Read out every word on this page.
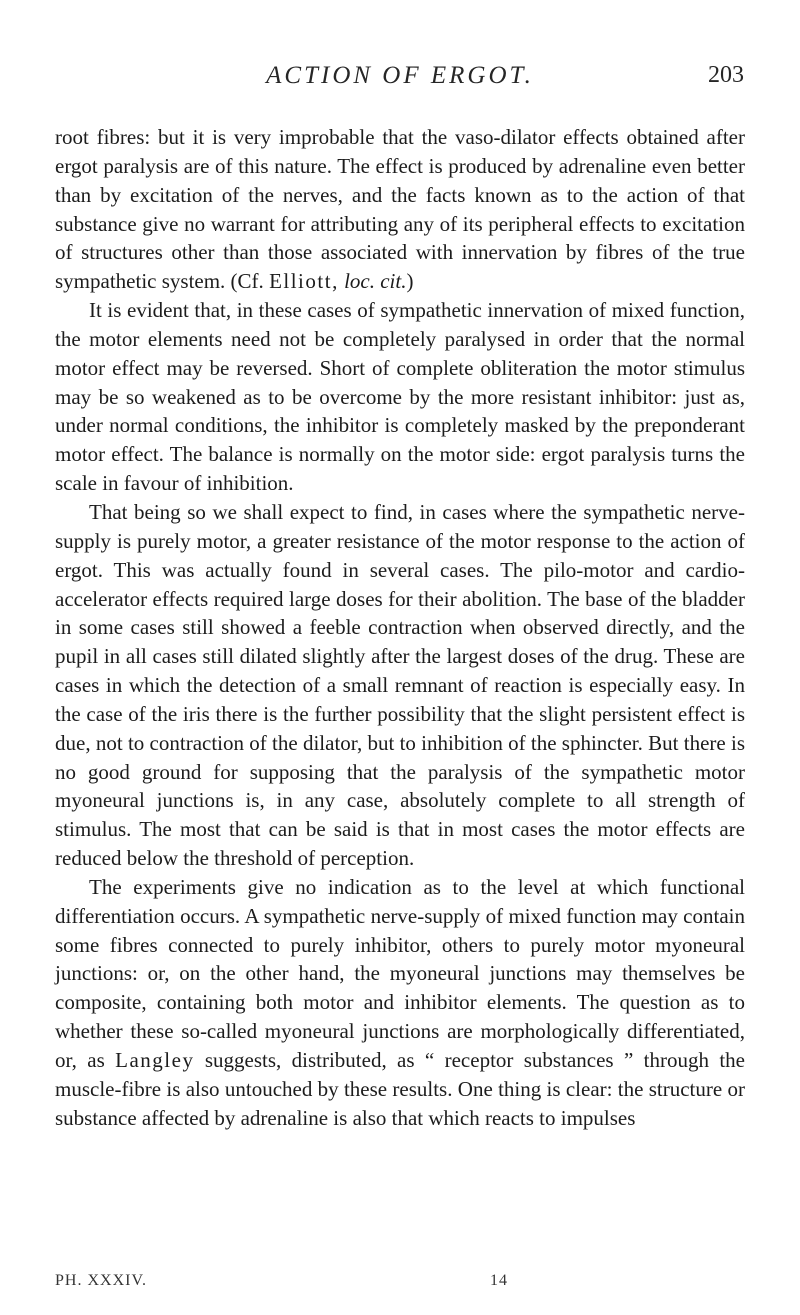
ACTION OF ERGOT.	203

root fibres: but it is very improbable that the vaso-dilator effects obtained after ergot paralysis are of this nature. The effect is produced by adrenaline even better than by excitation of the nerves, and the facts known as to the action of that substance give no warrant for attributing any of its peripheral effects to excitation of structures other than those associated with innervation by fibres of the true sympathetic system. (Cf. Elliott, loc. cit.)

It is evident that, in these cases of sympathetic innervation of mixed function, the motor elements need not be completely paralysed in order that the normal motor effect may be reversed. Short of complete obliteration the motor stimulus may be so weakened as to be overcome by the more resistant inhibitor: just as, under normal conditions, the inhibitor is completely masked by the preponderant motor effect. The balance is normally on the motor side: ergot paralysis turns the scale in favour of inhibition.

That being so we shall expect to find, in cases where the sympathetic nerve-supply is purely motor, a greater resistance of the motor response to the action of ergot. This was actually found in several cases. The pilo-motor and cardio-accelerator effects required large doses for their abolition. The base of the bladder in some cases still showed a feeble contraction when observed directly, and the pupil in all cases still dilated slightly after the largest doses of the drug. These are cases in which the detection of a small remnant of reaction is especially easy. In the case of the iris there is the further possibility that the slight persistent effect is due, not to contraction of the dilator, but to inhibition of the sphincter. But there is no good ground for supposing that the paralysis of the sympathetic motor myoneural junctions is, in any case, absolutely complete to all strength of stimulus. The most that can be said is that in most cases the motor effects are reduced below the threshold of perception.

The experiments give no indication as to the level at which functional differentiation occurs. A sympathetic nerve-supply of mixed function may contain some fibres connected to purely inhibitor, others to purely motor myoneural junctions: or, on the other hand, the myoneural junctions may themselves be composite, containing both motor and inhibitor elements. The question as to whether these so-called myoneural junctions are morphologically differentiated, or, as Langley suggests, distributed, as “ receptor substances ” through the muscle-fibre is also untouched by these results. One thing is clear: the structure or substance affected by adrenaline is also that which reacts to impulses

PH. XXXIV.	14
